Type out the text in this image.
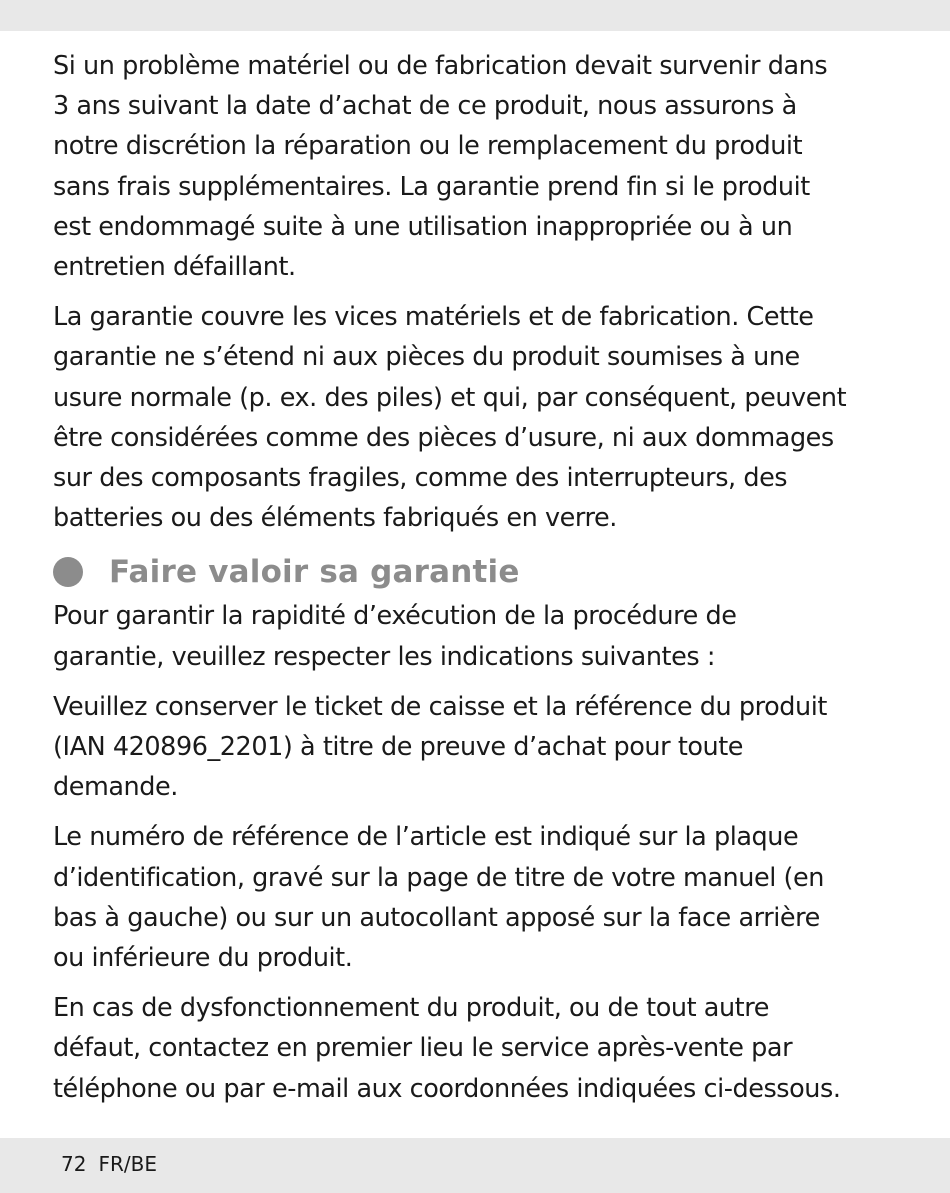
Si un problème matériel ou de fabrication devait survenir dans
3 ans suivant la date d’achat de ce produit, nous assurons à
notre discrétion la réparation ou le remplacement du produit
sans frais supplémentaires. La garantie prend fin si le produit
est endommagé suite à une utilisation inappropriée ou à un
entretien défaillant.

La garantie couvre les vices matériels et de fabrication. Cette
garantie ne s’étend ni aux pièces du produit soumises à une
usure normale (p. ex. des piles) et qui, par conséquent, peuvent
être considérées comme des pièces d’usure, ni aux dommages
sur des composants fragiles, comme des interrupteurs, des
batteries ou des éléments fabriqués en verre.

Faire valoir sa garantie

Pour garantir la rapidité d’exécution de la procédure de
garantie, veuillez respecter les indications suivantes :

Veuillez conserver le ticket de caisse et la référence du produit
(IAN 420896_2201) à titre de preuve d’achat pour toute
demande.

Le numéro de référence de l’article est indiqué sur la plaque
d’identification, gravé sur la page de titre de votre manuel (en
bas à gauche) ou sur un autocollant apposé sur la face arrière
ou inférieure du produit.

En cas de dysfonctionnement du produit, ou de tout autre
défaut, contactez en premier lieu le service après-vente par
téléphone ou par e-mail aux coordonnées indiquées ci-dessous.

72 FR/BE
